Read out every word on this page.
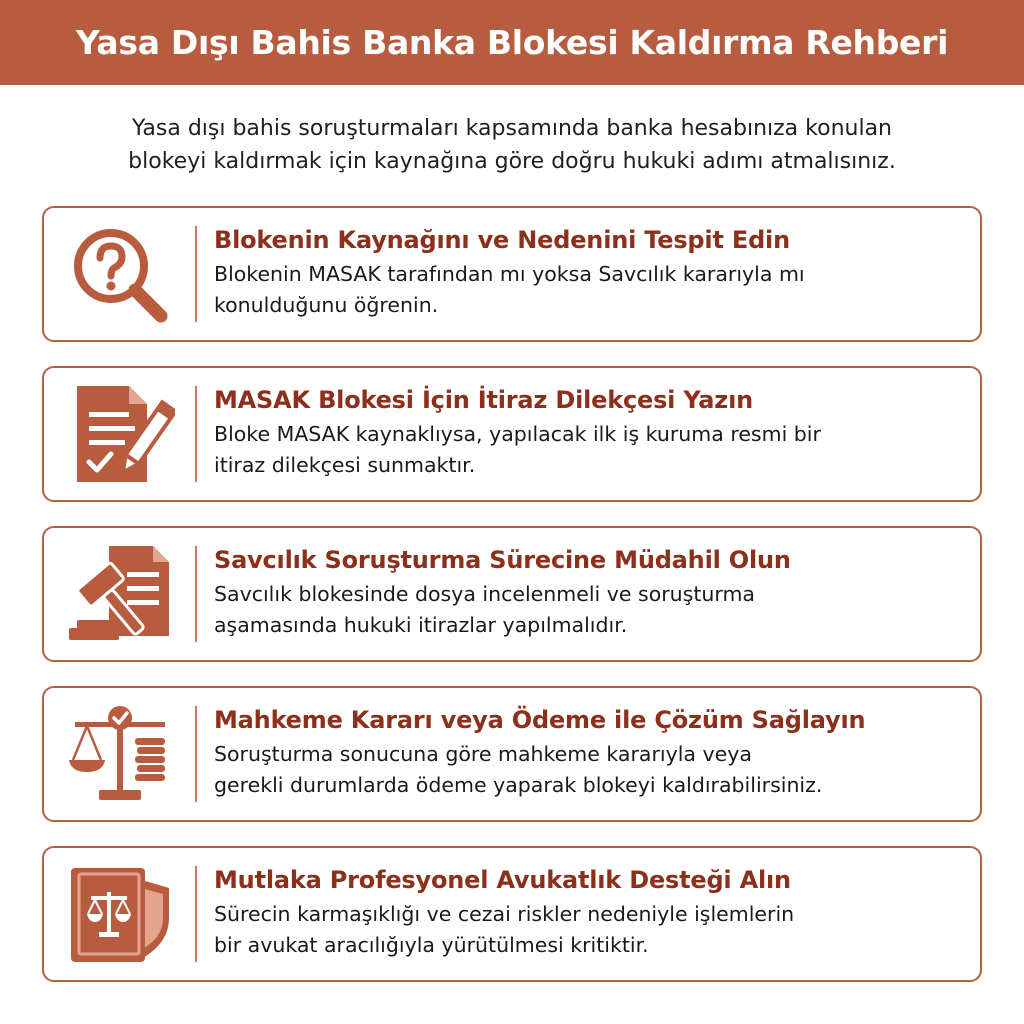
Yasa Dışı Bahis Banka Blokesi Kaldırma Rehberi
Yasa dışı bahis soruşturmaları kapsamında banka hesabınıza konulan
blokeyi kaldırmak için kaynağına göre doğru hukuki adımı atmalısınız.
Blokenin Kaynağını ve Nedenini Tespit Edin
Blokenin MASAK tarafından mı yoksa Savcılık kararıyla mı
konulduğunu öğrenin.
MASAK Blokesi İçin İtiraz Dilekçesi Yazın
Bloke MASAK kaynaklıysa, yapılacak ilk iş kuruma resmi bir
itiraz dilekçesi sunmaktır.
Savcılık Soruşturma Sürecine Müdahil Olun
Savcılık blokesinde dosya incelenmeli ve soruşturma
aşamasında hukuki itirazlar yapılmalıdır.
Mahkeme Kararı veya Ödeme ile Çözüm Sağlayın
Soruşturma sonucuna göre mahkeme kararıyla veya
gerekli durumlarda ödeme yaparak blokeyi kaldırabilirsiniz.
Mutlaka Profesyonel Avukatlık Desteği Alın
Sürecin karmaşıklığı ve cezai riskler nedeniyle işlemlerin
bir avukat aracılığıyla yürütülmesi kritiktir.
